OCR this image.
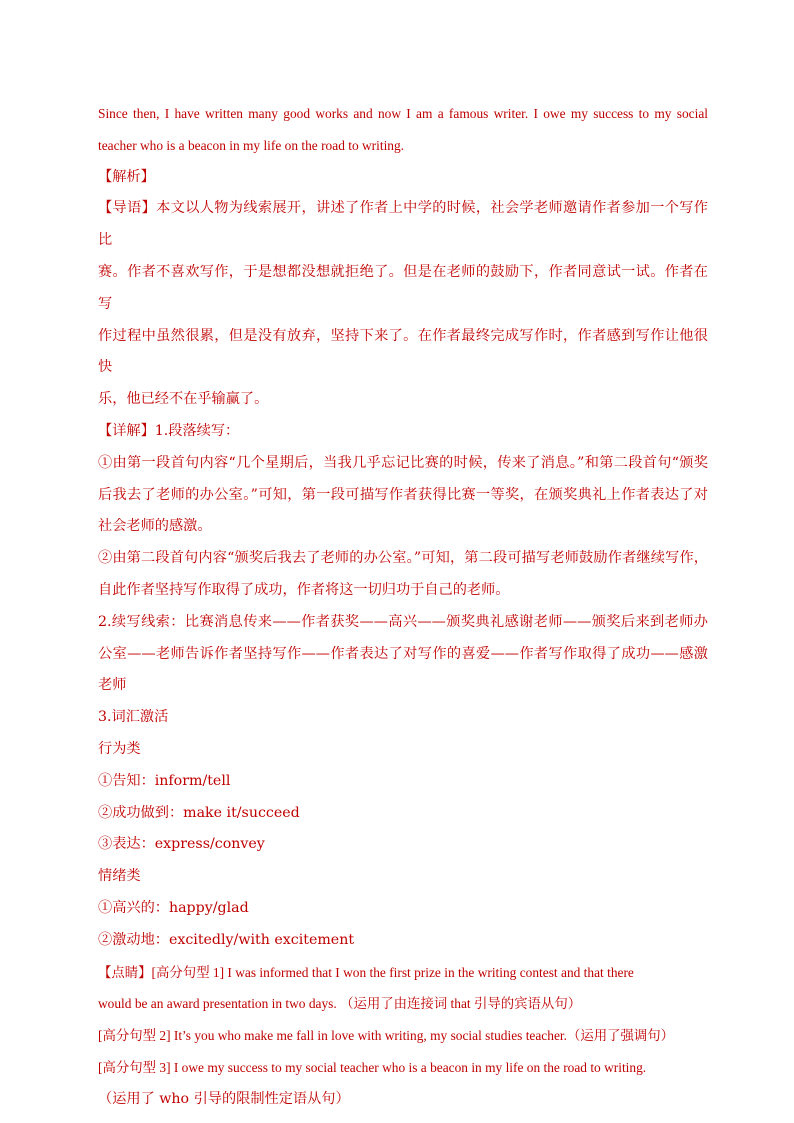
Since then, I have written many good works and now I am a famous writer. I owe my success to my social
teacher who is a beacon in my life on the road to writing.
【解析】
【导语】本文以人物为线索展开，讲述了作者上中学的时候，社会学老师邀请作者参加一个写作比
赛。作者不喜欢写作，于是想都没想就拒绝了。但是在老师的鼓励下，作者同意试一试。作者在写
作过程中虽然很累，但是没有放弃，坚持下来了。在作者最终完成写作时，作者感到写作让他很快
乐，他已经不在乎输赢了。
【详解】1.段落续写：
①由第一段首句内容“几个星期后，当我几乎忘记比赛的时候，传来了消息。”和第二段首句“颁奖
后我去了老师的办公室。”可知，第一段可描写作者获得比赛一等奖，在颁奖典礼上作者表达了对
社会老师的感激。
②由第二段首句内容“颁奖后我去了老师的办公室。”可知，第二段可描写老师鼓励作者继续写作，
自此作者坚持写作取得了成功，作者将这一切归功于自己的老师。
2.续写线索：比赛消息传来——作者获奖——高兴——颁奖典礼感谢老师——颁奖后来到老师办
公室——老师告诉作者坚持写作——作者表达了对写作的喜爱——作者写作取得了成功——感激
老师
3.词汇激活
行为类
①告知：inform/tell
②成功做到：make it/succeed
③表达：express/convey
情绪类
①高兴的：happy/glad
②激动地：excitedly/with excitement
【点睛】[高分句型 1] I was informed that I won the first prize in the writing contest and that there
would be an award presentation in two days. （运用了由连接词 that 引导的宾语从句）
[高分句型 2] It’s you who make me fall in love with writing, my social studies teacher.（运用了强调句）
[高分句型 3] I owe my success to my social teacher who is a beacon in my life on the road to writing.
（运用了 who 引导的限制性定语从句）
